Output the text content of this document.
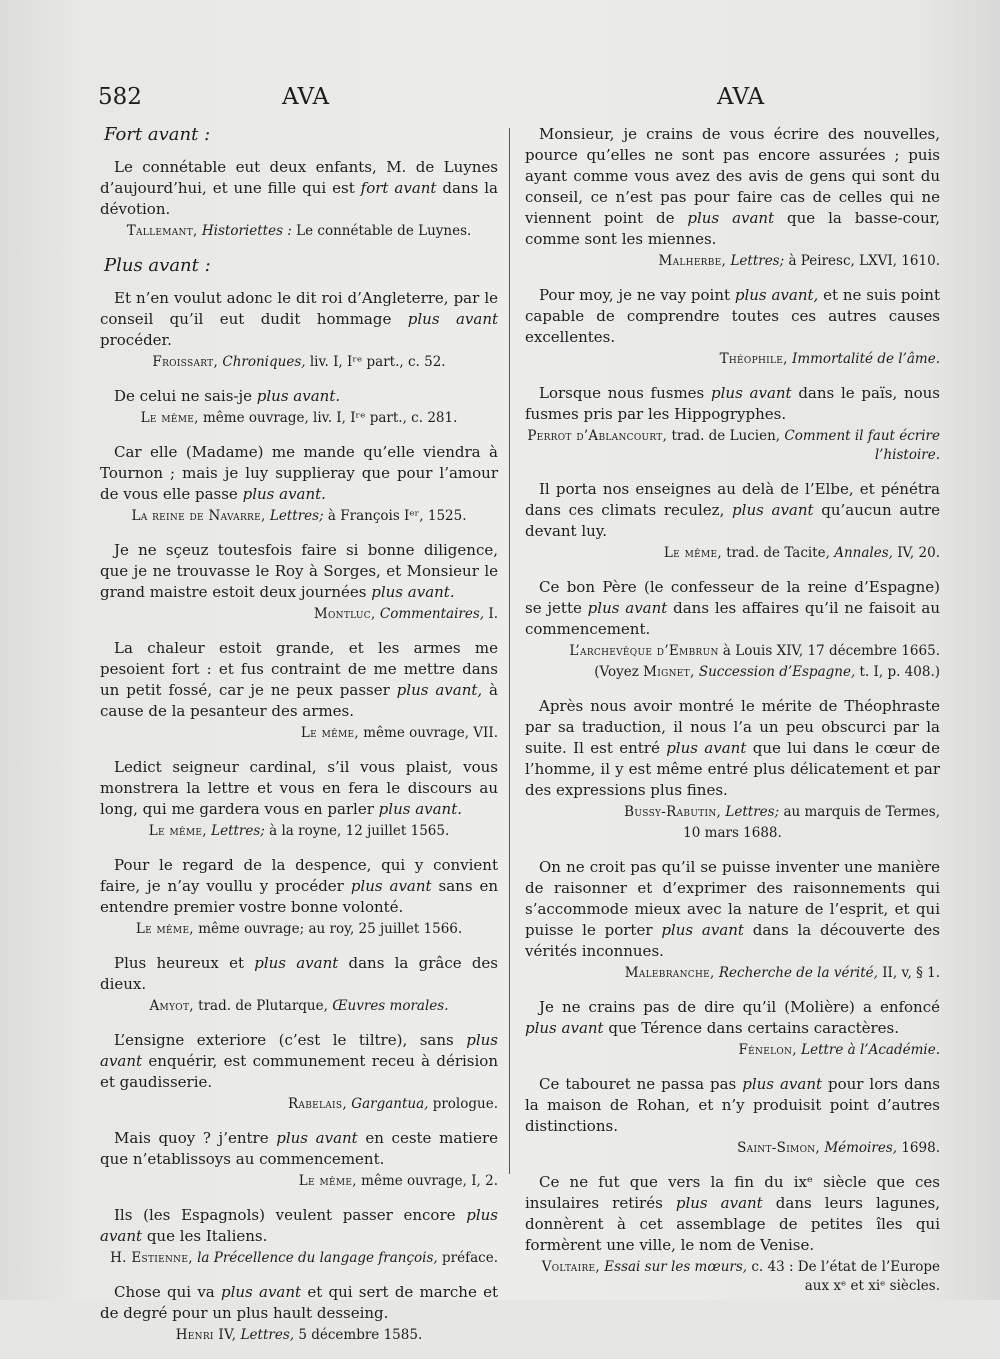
582	AVA	AVA
Fort avant :

Le connétable eut deux enfants, M. de Luynes d’aujourd’hui, et une fille qui est fort avant dans la dévotion.

Tallemant, Historiettes : Le connétable de Luynes.

Plus avant :

Et n’en voulut adonc le dit roi d’Angleterre, par le conseil qu’il eut dudit hommage plus avant procéder.

Froissart, Chroniques, liv. I, Iʳᵉ part., c. 52.

De celui ne sais-je plus avant.

Le même, même ouvrage, liv. I, Iʳᵉ part., c. 281.

Car elle (Madame) me mande qu’elle viendra à Tournon ; mais je luy supplieray que pour l’amour de vous elle passe plus avant.

La reine de Navarre, Lettres; à François Iᵉʳ, 1525.

Je ne sçeuz toutesfois faire si bonne diligence, que je ne trouvasse le Roy à Sorges, et Monsieur le grand maistre estoit deux journées plus avant.

Montluc, Commentaires, I.

La chaleur estoit grande, et les armes me pesoient fort : et fus contraint de me mettre dans un petit fossé, car je ne peux passer plus avant, à cause de la pesanteur des armes.

Le même, même ouvrage, VII.

Ledict seigneur cardinal, s’il vous plaist, vous monstrera la lettre et vous en fera le discours au long, qui me gardera vous en parler plus avant.

Le même, Lettres; à la royne, 12 juillet 1565.

Pour le regard de la despence, qui y convient faire, je n’ay voullu y procéder plus avant sans en entendre premier vostre bonne volonté.

Le même, même ouvrage; au roy, 25 juillet 1566.

Plus heureux et plus avant dans la grâce des dieux.

Amyot, trad. de Plutarque, Œuvres morales.

L’ensigne exteriore (c’est le tiltre), sans plus avant enquérir, est communement receu à dérision et gaudisserie.

Rabelais, Gargantua, prologue.

Mais quoy ? j’entre plus avant en ceste matiere que n’etablissoys au commencement.

Le même, même ouvrage, I, 2.

Ils (les Espagnols) veulent passer encore plus avant que les Italiens.

H. Estienne, la Précellence du langage françois, préface.

Chose qui va plus avant et qui sert de marche et de degré pour un plus hault desseing.

Henri IV, Lettres, 5 décembre 1585.

Monsieur, je crains de vous écrire des nouvelles, pource qu’elles ne sont pas encore assurées ; puis ayant comme vous avez des avis de gens qui sont du conseil, ce n’est pas pour faire cas de celles qui ne viennent point de plus avant que la basse-cour, comme sont les miennes.

Malherbe, Lettres; à Peiresc, LXVI, 1610.

Pour moy, je ne vay point plus avant, et ne suis point capable de comprendre toutes ces autres causes excellentes.

Théophile, Immortalité de l’âme.

Lorsque nous fusmes plus avant dans le païs, nous fusmes pris par les Hippogryphes.

Perrot d’Ablancourt, trad. de Lucien, Comment il faut écrire l’histoire.

Il porta nos enseignes au delà de l’Elbe, et pénétra dans ces climats reculez, plus avant qu’aucun autre devant luy.

Le même, trad. de Tacite, Annales, IV, 20.

Ce bon Père (le confesseur de la reine d’Espagne) se jette plus avant dans les affaires qu’il ne faisoit au commencement.

L’archevêque d’Embrun à Louis XIV, 17 décembre 1665.

(Voyez Mignet, Succession d’Espagne, t. I, p. 408.)

Après nous avoir montré le mérite de Théophraste par sa traduction, il nous l’a un peu obscurci par la suite. Il est entré plus avant que lui dans le cœur de l’homme, il y est même entré plus délicatement et par des expressions plus fines.

Bussy-Rabutin, Lettres; au marquis de Termes,

10 mars 1688.

On ne croit pas qu’il se puisse inventer une manière de raisonner et d’exprimer des raisonnements qui s’accommode mieux avec la nature de l’esprit, et qui puisse le porter plus avant dans la découverte des vérités inconnues.

Malebranche, Recherche de la vérité, II, v, § 1.

Je ne crains pas de dire qu’il (Molière) a enfoncé plus avant que Térence dans certains caractères.

Fénelon, Lettre à l’Académie.

Ce tabouret ne passa pas plus avant pour lors dans la maison de Rohan, et n’y produisit point d’autres distinctions.

Saint-Simon, Mémoires, 1698.

Ce ne fut que vers la fin du ixᵉ siècle que ces insulaires retirés plus avant dans leurs lagunes, donnèrent à cet assemblage de petites îles qui formèrent une ville, le nom de Venise.

Voltaire, Essai sur les mœurs, c. 43 : De l’état de l’Europe aux xᵉ et xiᵉ siècles.
